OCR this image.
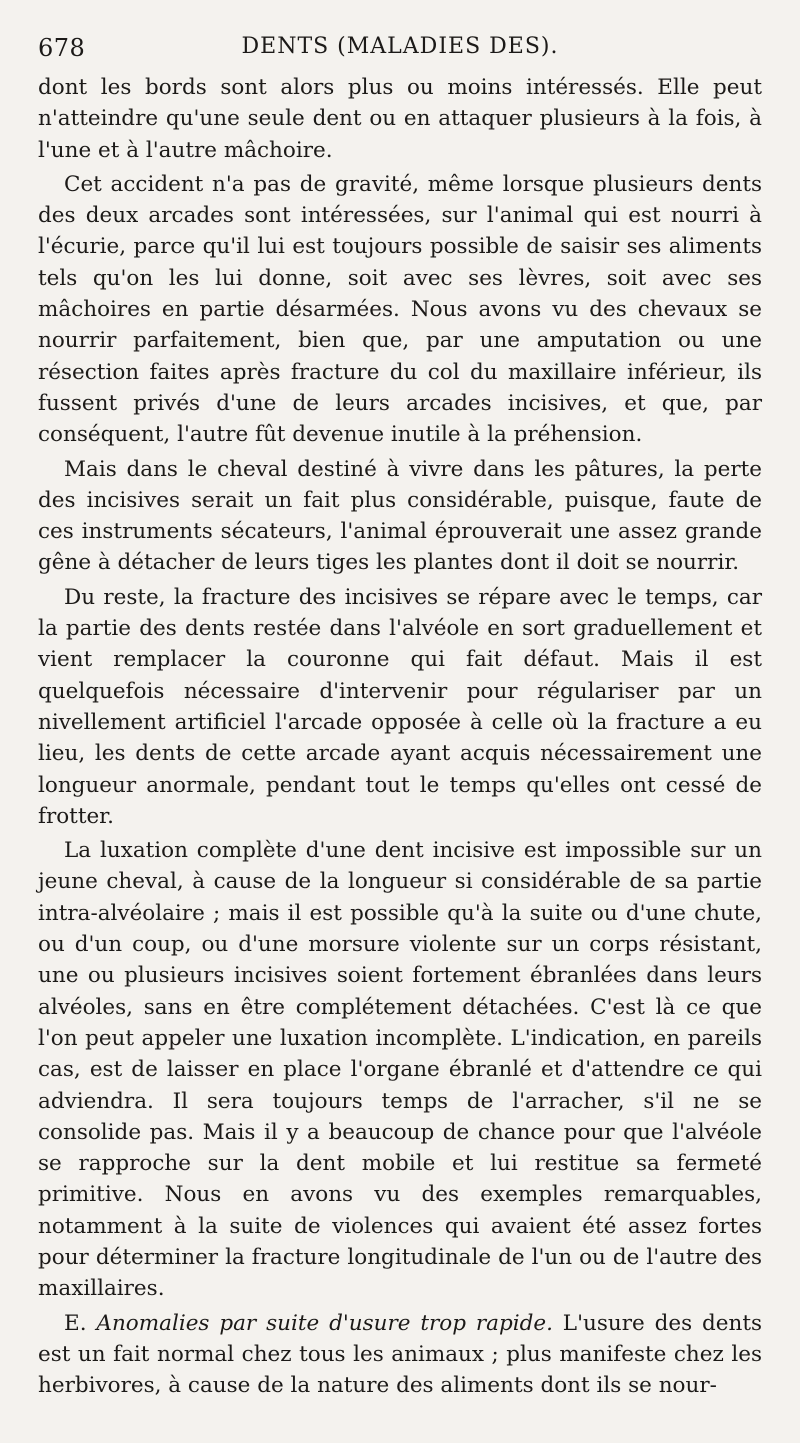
678	DENTS (MALADIES DES).

dont les bords sont alors plus ou moins intéressés. Elle peut n'atteindre qu'une seule dent ou en attaquer plusieurs à la fois, à l'une et à l'autre mâchoire.

Cet accident n'a pas de gravité, même lorsque plusieurs dents des deux arcades sont intéressées, sur l'animal qui est nourri à l'écurie, parce qu'il lui est toujours possible de saisir ses aliments tels qu'on les lui donne, soit avec ses lèvres, soit avec ses mâchoires en partie désarmées. Nous avons vu des chevaux se nourrir parfaitement, bien que, par une amputation ou une résection faites après fracture du col du maxillaire inférieur, ils fussent privés d'une de leurs arcades incisives, et que, par conséquent, l'autre fût devenue inutile à la préhension.

Mais dans le cheval destiné à vivre dans les pâtures, la perte des incisives serait un fait plus considérable, puisque, faute de ces instruments sécateurs, l'animal éprouverait une assez grande gêne à détacher de leurs tiges les plantes dont il doit se nourrir.

Du reste, la fracture des incisives se répare avec le temps, car la partie des dents restée dans l'alvéole en sort graduellement et vient remplacer la couronne qui fait défaut. Mais il est quelquefois nécessaire d'intervenir pour régulariser par un nivellement artificiel l'arcade opposée à celle où la fracture a eu lieu, les dents de cette arcade ayant acquis nécessairement une longueur anormale, pendant tout le temps qu'elles ont cessé de frotter.

La luxation complète d'une dent incisive est impossible sur un jeune cheval, à cause de la longueur si considérable de sa partie intra-alvéolaire ; mais il est possible qu'à la suite ou d'une chute, ou d'un coup, ou d'une morsure violente sur un corps résistant, une ou plusieurs incisives soient fortement ébranlées dans leurs alvéoles, sans en être complétement détachées. C'est là ce que l'on peut appeler une luxation incomplète. L'indication, en pareils cas, est de laisser en place l'organe ébranlé et d'attendre ce qui adviendra. Il sera toujours temps de l'arracher, s'il ne se consolide pas. Mais il y a beaucoup de chance pour que l'alvéole se rapproche sur la dent mobile et lui restitue sa fermeté primitive. Nous en avons vu des exemples remarquables, notamment à la suite de violences qui avaient été assez fortes pour déterminer la fracture longitudinale de l'un ou de l'autre des maxillaires.

E. Anomalies par suite d'usure trop rapide. L'usure des dents est un fait normal chez tous les animaux ; plus manifeste chez les herbivores, à cause de la nature des aliments dont ils se nour-
